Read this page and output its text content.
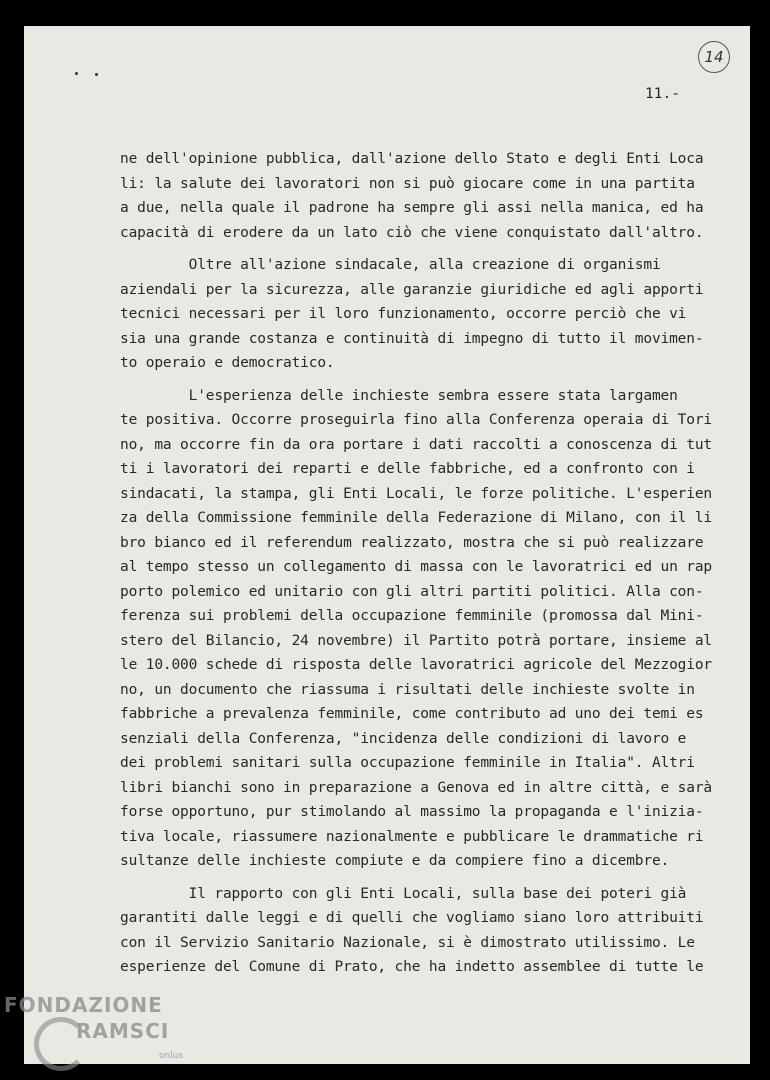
14
11.-
ne dell'opinione pubblica, dall'azione dello Stato e degli Enti Loca
li: la salute dei lavoratori non si può giocare come in una partita
a due, nella quale il padrone ha sempre gli assi nella manica, ed ha
capacità di erodere da un lato ciò che viene conquistato dall'altro.
Oltre all'azione sindacale, alla creazione di organismi
aziendali per la sicurezza, alle garanzie giuridiche ed agli apporti
tecnici necessari per il loro funzionamento, occorre perciò che vi
sia una grande costanza e continuità di impegno di tutto il movimen-
to operaio e democratico.
L'esperienza delle inchieste sembra essere stata largamen
te positiva. Occorre proseguirla fino alla Conferenza operaia di Tori
no, ma occorre fin da ora portare i dati raccolti a conoscenza di tut
ti i lavoratori dei reparti e delle fabbriche, ed a confronto con i
sindacati, la stampa, gli Enti Locali, le forze politiche. L'esperien
za della Commissione femminile della Federazione di Milano, con il li
bro bianco ed il referendum realizzato, mostra che si può realizzare
al tempo stesso un collegamento di massa con le lavoratrici ed un rap
porto polemico ed unitario con gli altri partiti politici. Alla con-
ferenza sui problemi della occupazione femminile (promossa dal Mini-
stero del Bilancio, 24 novembre) il Partito potrà portare, insieme al
le 10.000 schede di risposta delle lavoratrici agricole del Mezzogior
no, un documento che riassuma i risultati delle inchieste svolte in
fabbriche a prevalenza femminile, come contributo ad uno dei temi es
senziali della Conferenza, "incidenza delle condizioni di lavoro e
dei problemi sanitari sulla occupazione femminile in Italia". Altri
libri bianchi sono in preparazione a Genova ed in altre città, e sarà
forse opportuno, pur stimolando al massimo la propaganda e l'inizia-
tiva locale, riassumere nazionalmente e pubblicare le drammatiche ri
sultanze delle inchieste compiute e da compiere fino a dicembre.
Il rapporto con gli Enti Locali, sulla base dei poteri già
garantiti dalle leggi e di quelli che vogliamo siano loro attribuiti
con il Servizio Sanitario Nazionale, si è dimostrato utilissimo. Le
esperienze del Comune di Prato, che ha indetto assemblee di tutte le
FONDAZIONE
RAMSCI
onlus
